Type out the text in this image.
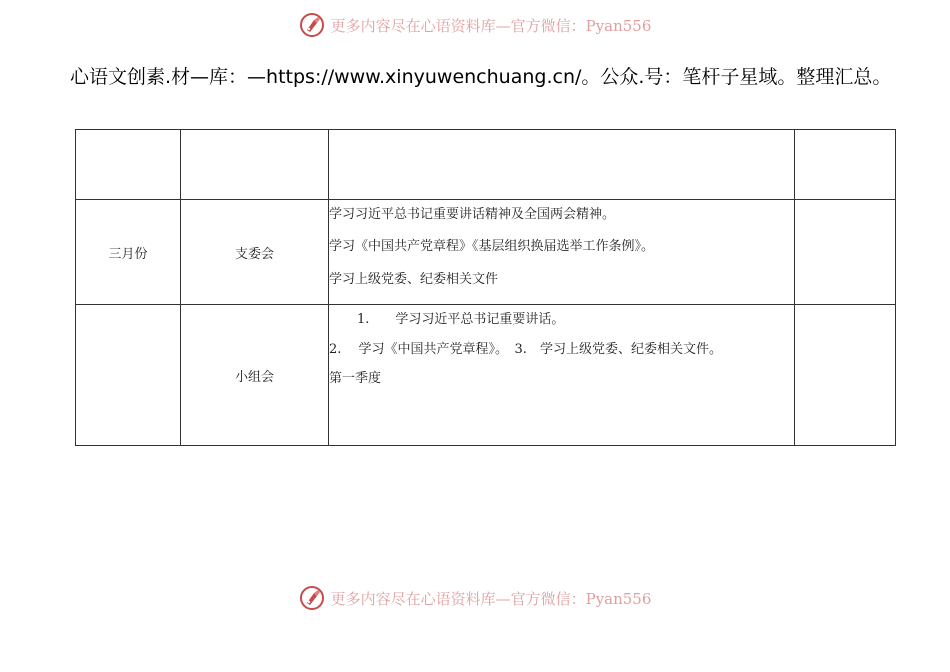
更多内容尽在心语资料库—官方微信：Pyan556
心语文创素.材—库：—https://www.xinyuwenchuang.cn/。公众.号：笔杆子星域。整理汇总。

三月份	支委会	学习习近平总书记重要讲话精神及全国两会精神。

学习《中国共产党章程》《基层组织换届选举工作条例》。

学习上级党委、纪委相关文件	

	小组会	1.　　学习习近平总书记重要讲话。

2.　 学习《中国共产党章程》。　3.　学习上级党委、纪委相关文件。

第一季度	

更多内容尽在心语资料库—官方微信：Pyan556
